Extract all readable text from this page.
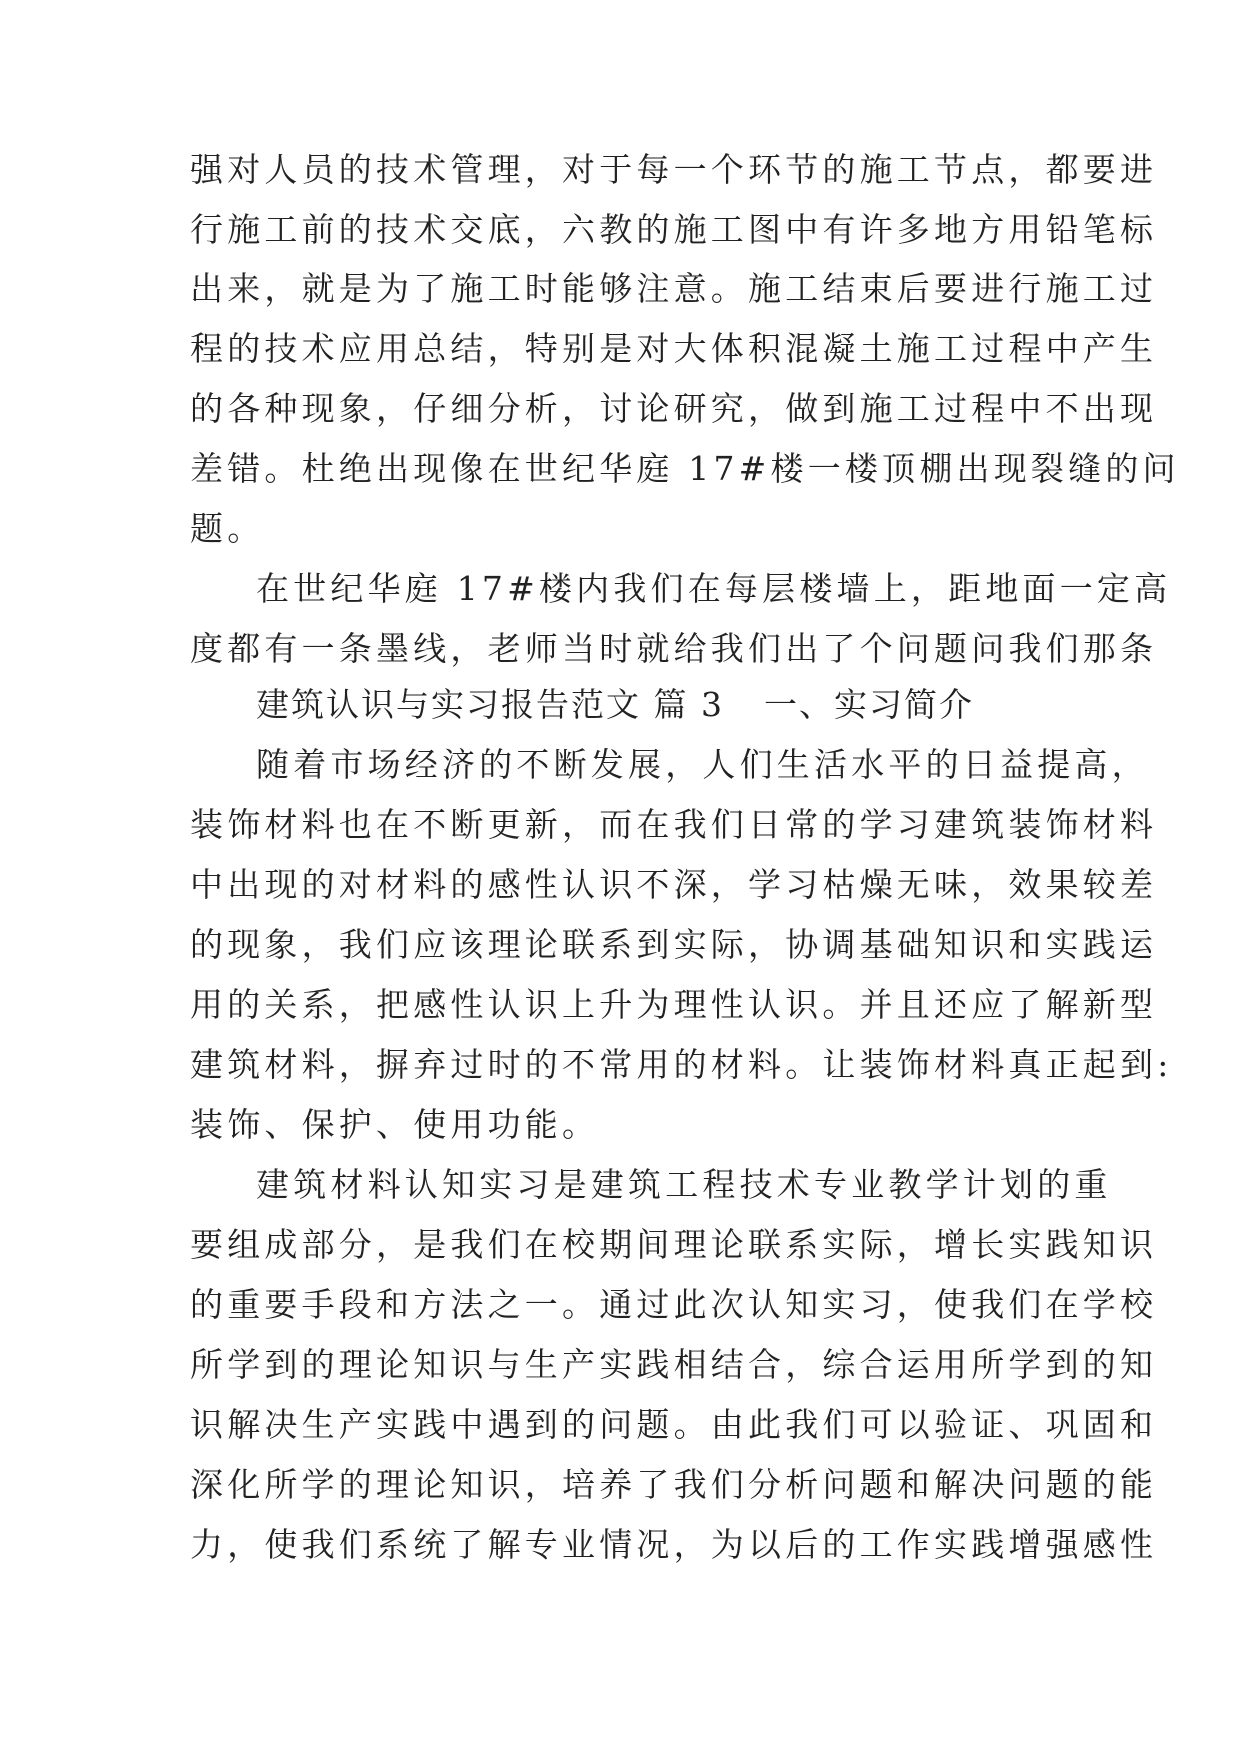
强对人员的技术管理，对于每一个环节的施工节点，都要进
行施工前的技术交底，六教的施工图中有许多地方用铅笔标
出来，就是为了施工时能够注意。施工结束后要进行施工过
程的技术应用总结，特别是对大体积混凝土施工过程中产生
的各种现象，仔细分析，讨论研究，做到施工过程中不出现
差错。杜绝出现像在世纪华庭 17#楼一楼顶棚出现裂缝的问
题。
在世纪华庭 17#楼内我们在每层楼墙上，距地面一定高
度都有一条墨线，老师当时就给我们出了个问题问我们那条
建筑认识与实习报告范文 篇 3 一、实习简介
随着市场经济的不断发展，人们生活水平的日益提高，
装饰材料也在不断更新，而在我们日常的学习建筑装饰材料
中出现的对材料的感性认识不深，学习枯燥无味，效果较差
的现象，我们应该理论联系到实际，协调基础知识和实践运
用的关系，把感性认识上升为理性认识。并且还应了解新型
建筑材料，摒弃过时的不常用的材料。让装饰材料真正起到:
装饰、保护、使用功能。
建筑材料认知实习是建筑工程技术专业教学计划的重
要组成部分，是我们在校期间理论联系实际，增长实践知识
的重要手段和方法之一。通过此次认知实习，使我们在学校
所学到的理论知识与生产实践相结合，综合运用所学到的知
识解决生产实践中遇到的问题。由此我们可以验证、巩固和
深化所学的理论知识，培养了我们分析问题和解决问题的能
力，使我们系统了解专业情况，为以后的工作实践增强感性
